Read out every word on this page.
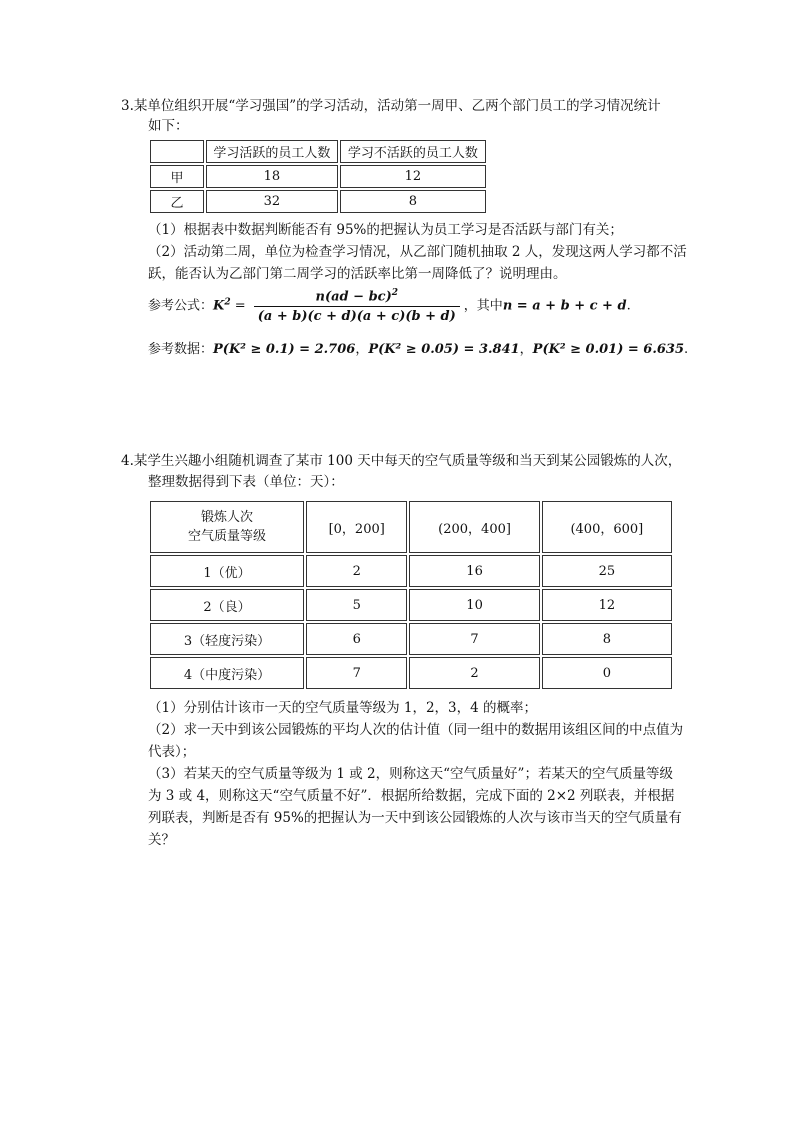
3.某单位组织开展“学习强国”的学习活动，活动第一周甲、乙两个部门员工的学习情况统计
如下：
	学习活跃的员工人数	学习不活跃的员工人数
甲	18	12
乙	32	8
（1）根据表中数据判断能否有 95%的把握认为员工学习是否活跃与部门有关；
（2）活动第二周，单位为检查学习情况，从乙部门随机抽取 2 人，发现这两人学习都不活
跃，能否认为乙部门第二周学习的活跃率比第一周降低了？说明理由。
参考公式：$K^2 = \frac{n(ad - bc)^2}{(a + b)(c + d)(a + c)(b + d)}$ ，其中n = a + b + c + d.
参考数据：P(K² ≥ 0.1) = 2.706，P(K² ≥ 0.05) = 3.841，P(K² ≥ 0.01) = 6.635.
4.某学生兴趣小组随机调查了某市 100 天中每天的空气质量等级和当天到某公园锻炼的人次，
整理数据得到下表（单位：天）：
锻炼人次
空气质量等级	[0，200]	(200，400]	(400，600]
1（优）	2	16	25
2（良）	5	10	12
3（轻度污染）	6	7	8
4（中度污染）	7	2	0
（1）分别估计该市一天的空气质量等级为 1，2，3，4 的概率；
（2）求一天中到该公园锻炼的平均人次的估计值（同一组中的数据用该组区间的中点值为
代表）；
（3）若某天的空气质量等级为 1 或 2，则称这天“空气质量好”；若某天的空气质量等级
为 3 或 4，则称这天“空气质量不好”．根据所给数据，完成下面的 2×2 列联表，并根据
列联表，判断是否有 95%的把握认为一天中到该公园锻炼的人次与该市当天的空气质量有
关？
